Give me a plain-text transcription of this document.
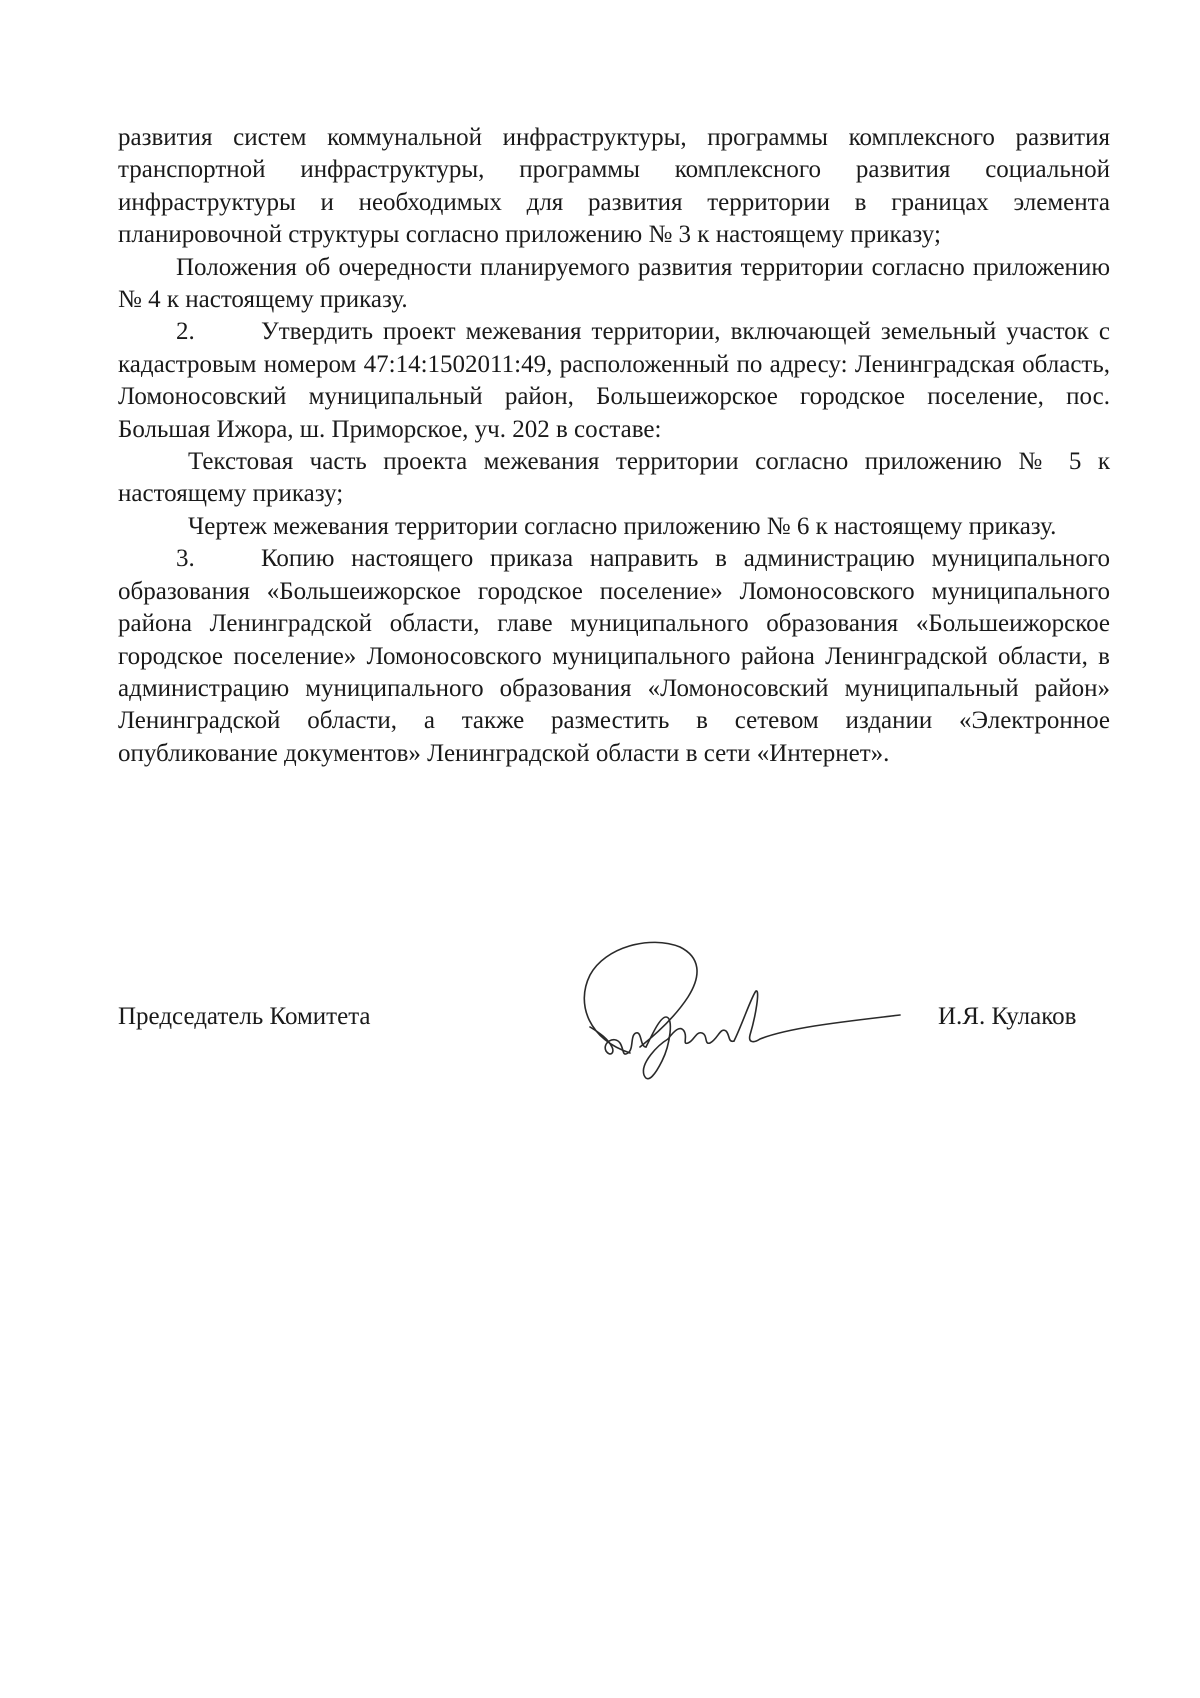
развития систем коммунальной инфраструктуры, программы комплексного развития транспортной инфраструктуры, программы комплексного развития социальной инфраструктуры и необходимых для развития территории в границах элемента планировочной структуры согласно приложению № 3 к настоящему приказу;

Положения об очередности планируемого развития территории согласно приложению № 4 к настоящему приказу.

2.	Утвердить проект межевания территории, включающей земельный участок с кадастровым номером 47:14:1502011:49, расположенный по адресу: Ленинградская область, Ломоносовский муниципальный район, Большеижорское городское поселение, пос. Большая Ижора, ш. Приморское, уч. 202 в составе:

Текстовая часть проекта межевания территории согласно приложению № 5 к настоящему приказу;

Чертеж межевания территории согласно приложению № 6 к настоящему приказу.

3.	Копию настоящего приказа направить в администрацию муниципального образования «Большеижорское городское поселение» Ломоносовского муниципального района Ленинградской области, главе муниципального образования «Большеижорское городское поселение» Ломоносовского муниципального района Ленинградской области, в администрацию муниципального образования «Ломоносовский муниципальный район» Ленинградской области, а также разместить в сетевом издании «Электронное опубликование документов» Ленинградской области в сети «Интернет».

Председатель Комитета	И.Я. Кулаков
